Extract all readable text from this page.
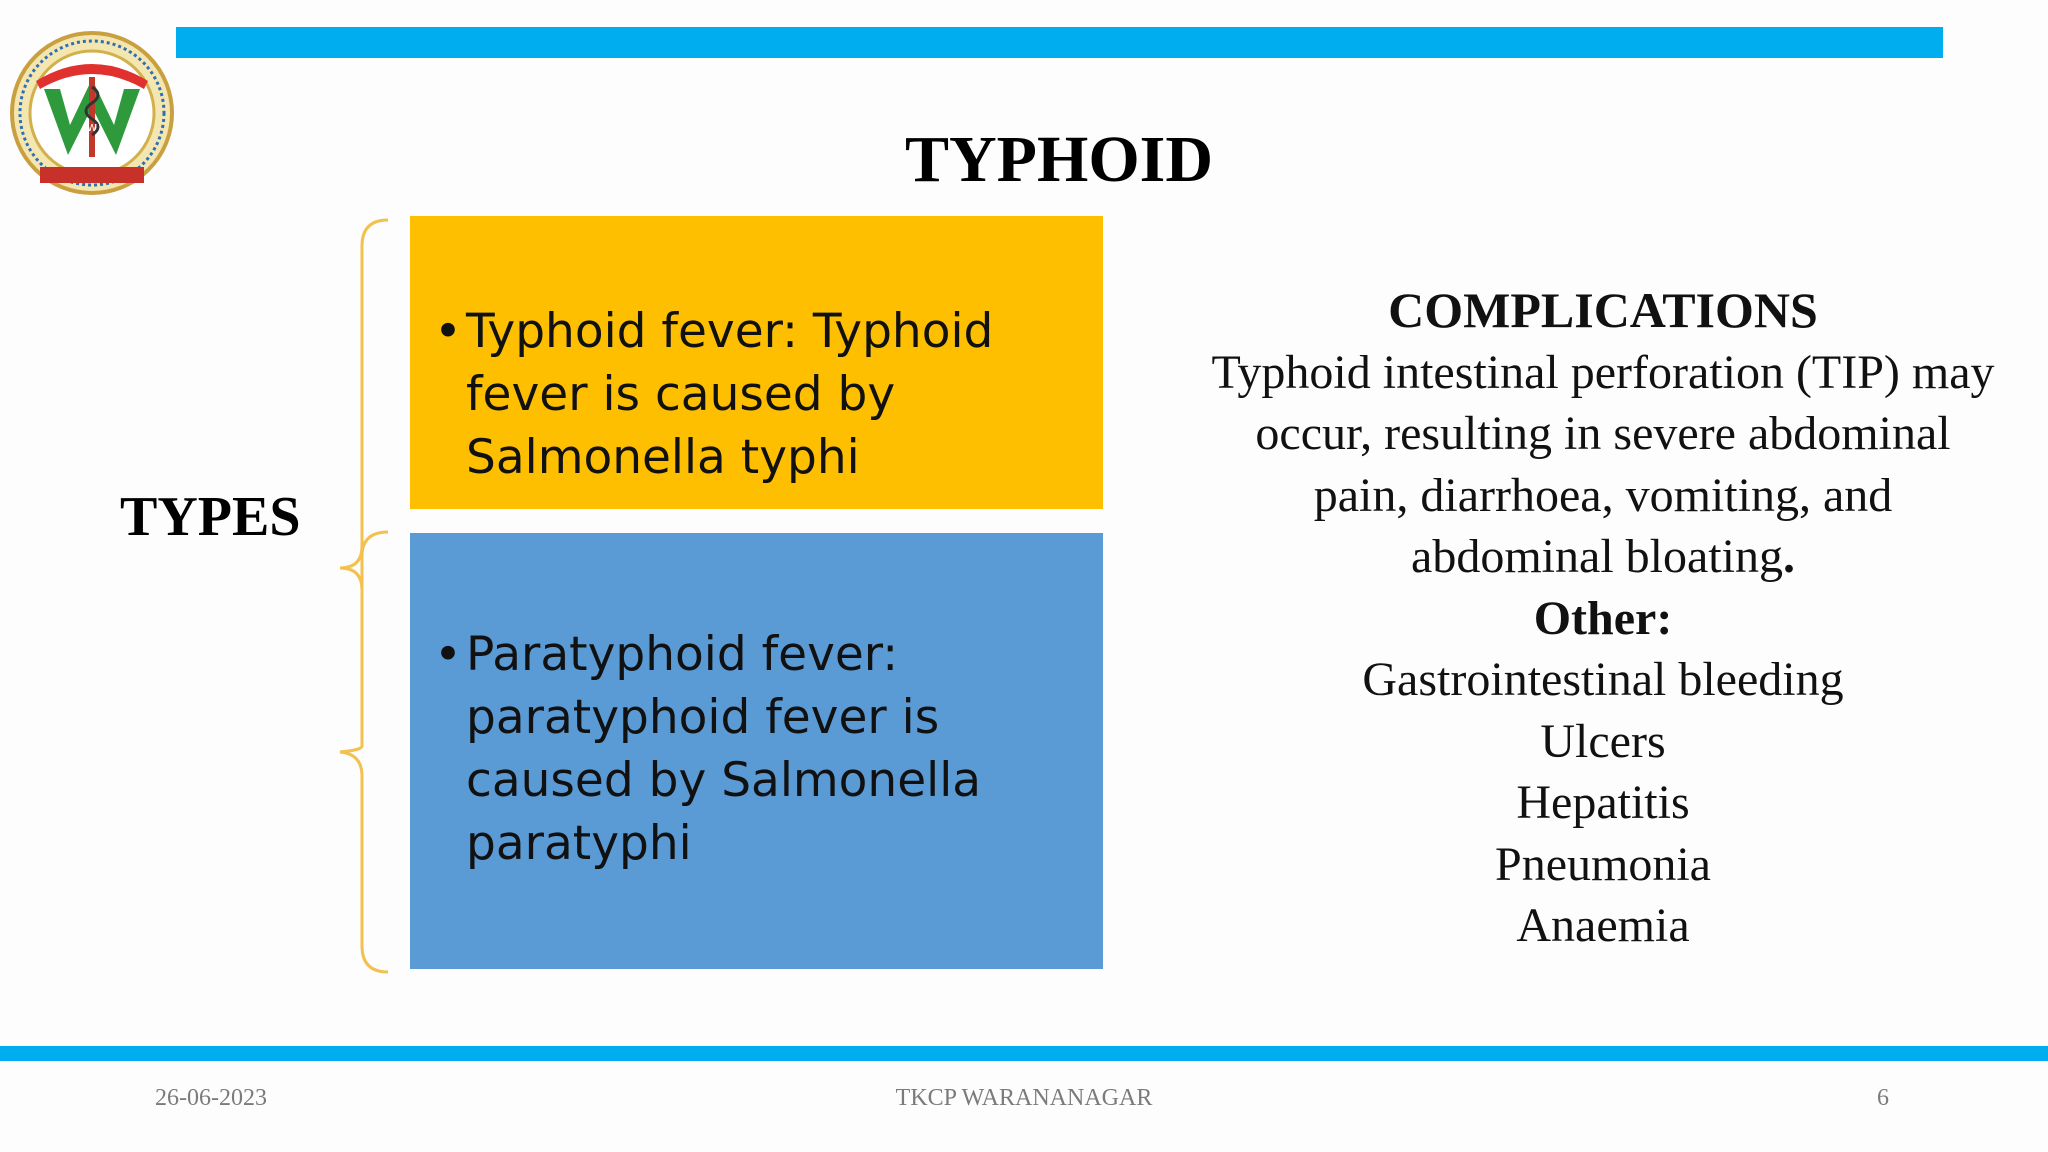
W	TYPHOID
TYPES
• Typhoid fever: Typhoid fever is caused by Salmonella typhi
• Paratyphoid fever: paratyphoid fever is caused by Salmonella paratyphi
COMPLICATIONS
Typhoid intestinal perforation (TIP) may occur, resulting in severe abdominal pain, diarrhoea, vomiting, and abdominal bloating.
Other:
Gastrointestinal bleeding
Ulcers
Hepatitis
Pneumonia
Anaemia
26-06-2023	TKCP WARANANAGAR	6
